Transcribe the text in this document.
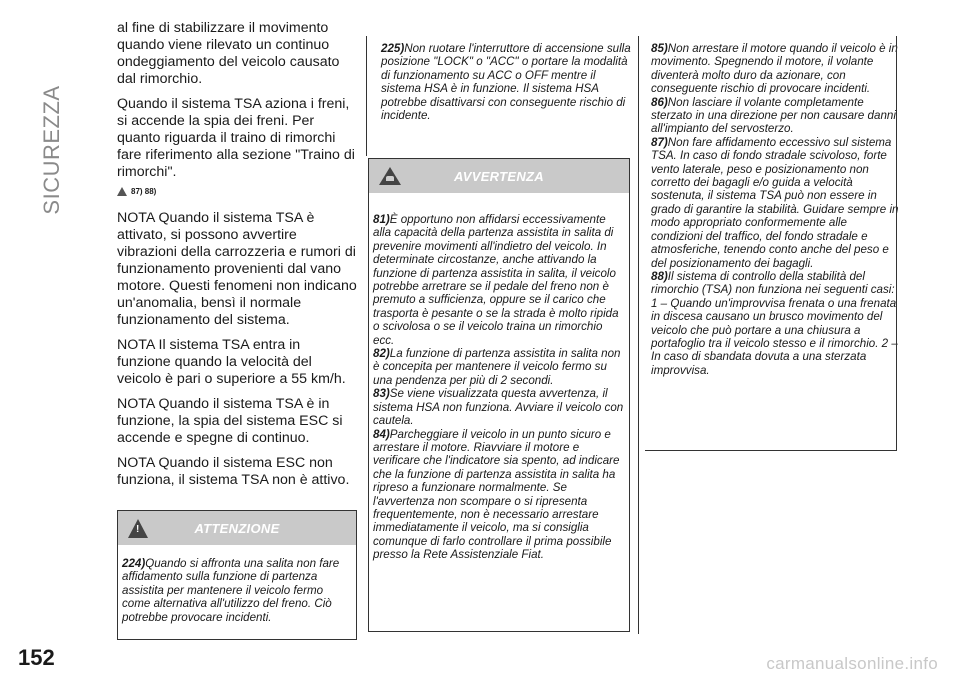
SICUREZZA

al fine di stabilizzare il movimento quando viene rilevato un continuo ondeggiamento del veicolo causato dal rimorchio.

Quando il sistema TSA aziona i freni, si accende la spia dei freni. Per quanto riguarda il traino di rimorchi fare riferimento alla sezione "Traino di rimorchi".

87) 88)

NOTA Quando il sistema TSA è attivato, si possono avvertire vibrazioni della carrozzeria e rumori di funzionamento provenienti dal vano motore. Questi fenomeni non indicano un'anomalia, bensì il normale funzionamento del sistema.

NOTA Il sistema TSA entra in funzione quando la velocità del veicolo è pari o superiore a 55 km/h.

NOTA Quando il sistema TSA è in funzione, la spia del sistema ESC si accende e spegne di continuo.

NOTA Quando il sistema ESC non funziona, il sistema TSA non è attivo.

!
ATTENZIONE

224)Quando si affronta una salita non fare affidamento sulla funzione di partenza assistita per mantenere il veicolo fermo come alternativa all'utilizzo del freno. Ciò potrebbe provocare incidenti.

225)Non ruotare l'interruttore di accensione sulla posizione "LOCK" o "ACC" o portare la modalità di funzionamento su ACC o OFF mentre il sistema HSA è in funzione. Il sistema HSA potrebbe disattivarsi con conseguente rischio di incidente.

AVVERTENZA

81)È opportuno non affidarsi eccessivamente alla capacità della partenza assistita in salita di prevenire movimenti all'indietro del veicolo. In determinate circostanze, anche attivando la funzione di partenza assistita in salita, il veicolo potrebbe arretrare se il pedale del freno non è premuto a sufficienza, oppure se il carico che trasporta è pesante o se la strada è molto ripida o scivolosa o se il veicolo traina un rimorchio ecc.

82)La funzione di partenza assistita in salita non è concepita per mantenere il veicolo fermo su una pendenza per più di 2 secondi.

83)Se viene visualizzata questa avvertenza, il sistema HSA non funziona. Avviare il veicolo con cautela.

84)Parcheggiare il veicolo in un punto sicuro e arrestare il motore. Riavviare il motore e verificare che l'indicatore sia spento, ad indicare che la funzione di partenza assistita in salita ha ripreso a funzionare normalmente. Se l'avvertenza non scompare o si ripresenta frequentemente, non è necessario arrestare immediatamente il veicolo, ma si consiglia comunque di farlo controllare il prima possibile presso la Rete Assistenziale Fiat.

85)Non arrestare il motore quando il veicolo è in movimento. Spegnendo il motore, il volante diventerà molto duro da azionare, con conseguente rischio di provocare incidenti.

86)Non lasciare il volante completamente sterzato in una direzione per non causare danni all'impianto del servosterzo.

87)Non fare affidamento eccessivo sul sistema TSA. In caso di fondo stradale scivoloso, forte vento laterale, peso e posizionamento non corretto dei bagagli e/o guida a velocità sostenuta, il sistema TSA può non essere in grado di garantire la stabilità. Guidare sempre in modo appropriato conformemente alle condizioni del traffico, del fondo stradale e atmosferiche, tenendo conto anche del peso e del posizionamento dei bagagli.

88)Il sistema di controllo della stabilità del rimorchio (TSA) non funziona nei seguenti casi: 1 – Quando un'improvvisa frenata o una frenata in discesa causano un brusco movimento del veicolo che può portare a una chiusura a portafoglio tra il veicolo stesso e il rimorchio. 2 – In caso di sbandata dovuta a una sterzata improvvisa.

152	carmanualsonline.info
